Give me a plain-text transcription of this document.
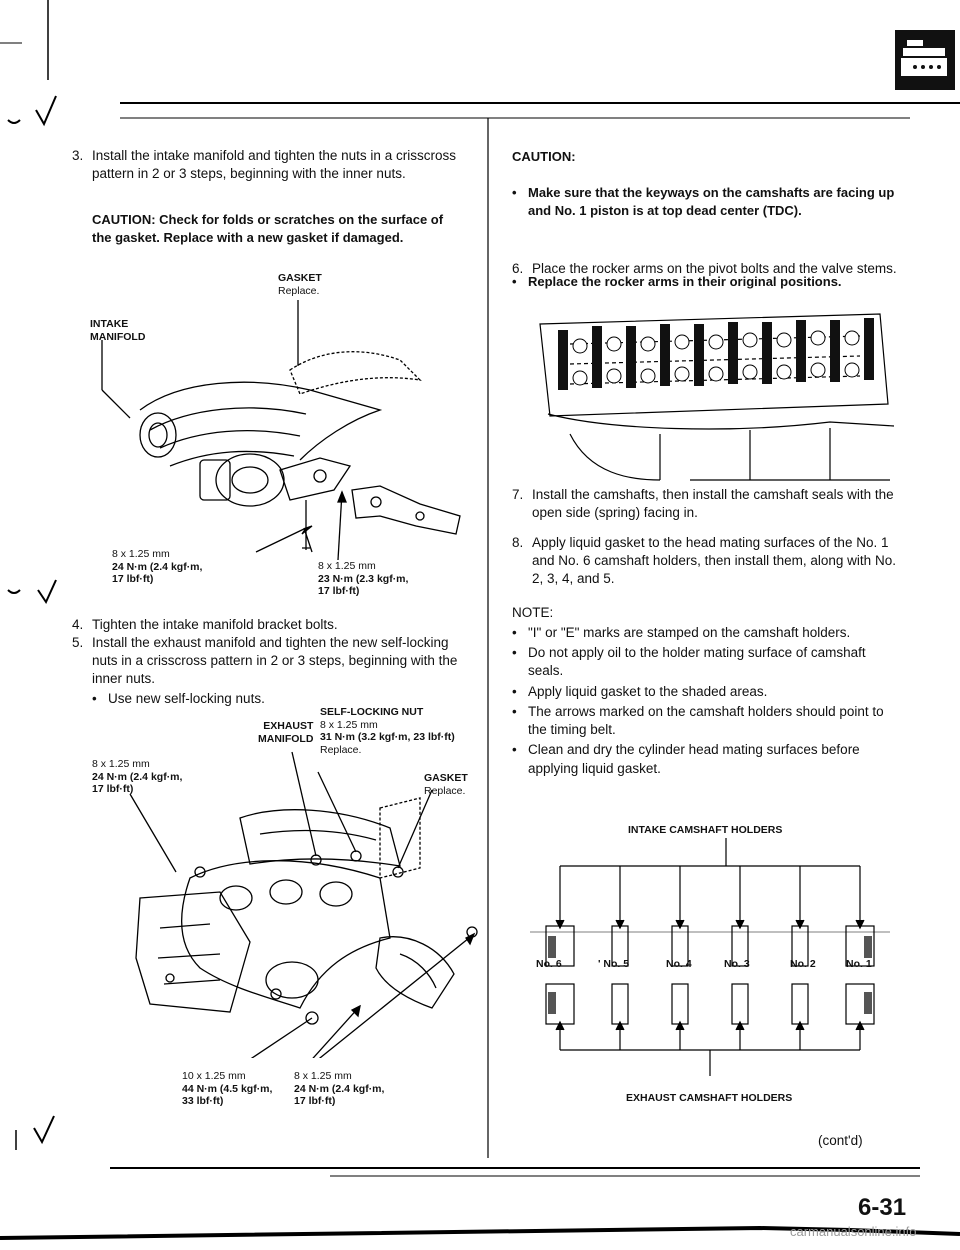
3. Install the intake manifold and tighten the nuts in a crisscross pattern in 2 or 3 steps, beginning with the inner nuts.
CAUTION: Check for folds or scratches on the surface of the gasket. Replace with a new gasket if damaged.
GASKET
Replace.
INTAKE
MANIFOLD
8 x 1.25 mm
24 N·m (2.4 kgf·m,
17 lbf·ft)
8 x 1.25 mm
23 N·m (2.3 kgf·m,
17 lbf·ft)
4. Tighten the intake manifold bracket bolts.
5. Install the exhaust manifold and tighten the new self-locking nuts in a crisscross pattern in 2 or 3 steps, beginning with the inner nuts.
• Use new self-locking nuts.
EXHAUST
MANIFOLD
SELF-LOCKING NUT
8 x 1.25 mm
31 N·m (3.2 kgf·m, 23 lbf·ft)
Replace.
8 x 1.25 mm
24 N·m (2.4 kgf·m,
17 lbf·ft)
GASKET
Replace.
10 x 1.25 mm
44 N·m (4.5 kgf·m,
33 lbf·ft)
8 x 1.25 mm
24 N·m (2.4 kgf·m,
17 lbf·ft)
CAUTION:
• Make sure that the keyways on the camshafts are facing up and No. 1 piston is at top dead center (TDC).
• Replace the rocker arms in their original positions.
6. Place the rocker arms on the pivot bolts and the valve stems.
7. Install the camshafts, then install the camshaft seals with the open side (spring) facing in.
8. Apply liquid gasket to the head mating surfaces of the No. 1 and No. 6 camshaft holders, then install them, along with No. 2, 3, 4, and 5.
NOTE:
• "I" or "E" marks are stamped on the camshaft holders.
• Do not apply oil to the holder mating surface of camshaft seals.
• Apply liquid gasket to the shaded areas.
• The arrows marked on the camshaft holders should point to the timing belt.
• Clean and dry the cylinder head mating surfaces before applying liquid gasket.
INTAKE CAMSHAFT HOLDERS
No. 6	' No. 5	No. 4	No. 3	No. 2	No. 1
EXHAUST CAMSHAFT HOLDERS
(cont'd)
6-31
carmanualsonline.info
